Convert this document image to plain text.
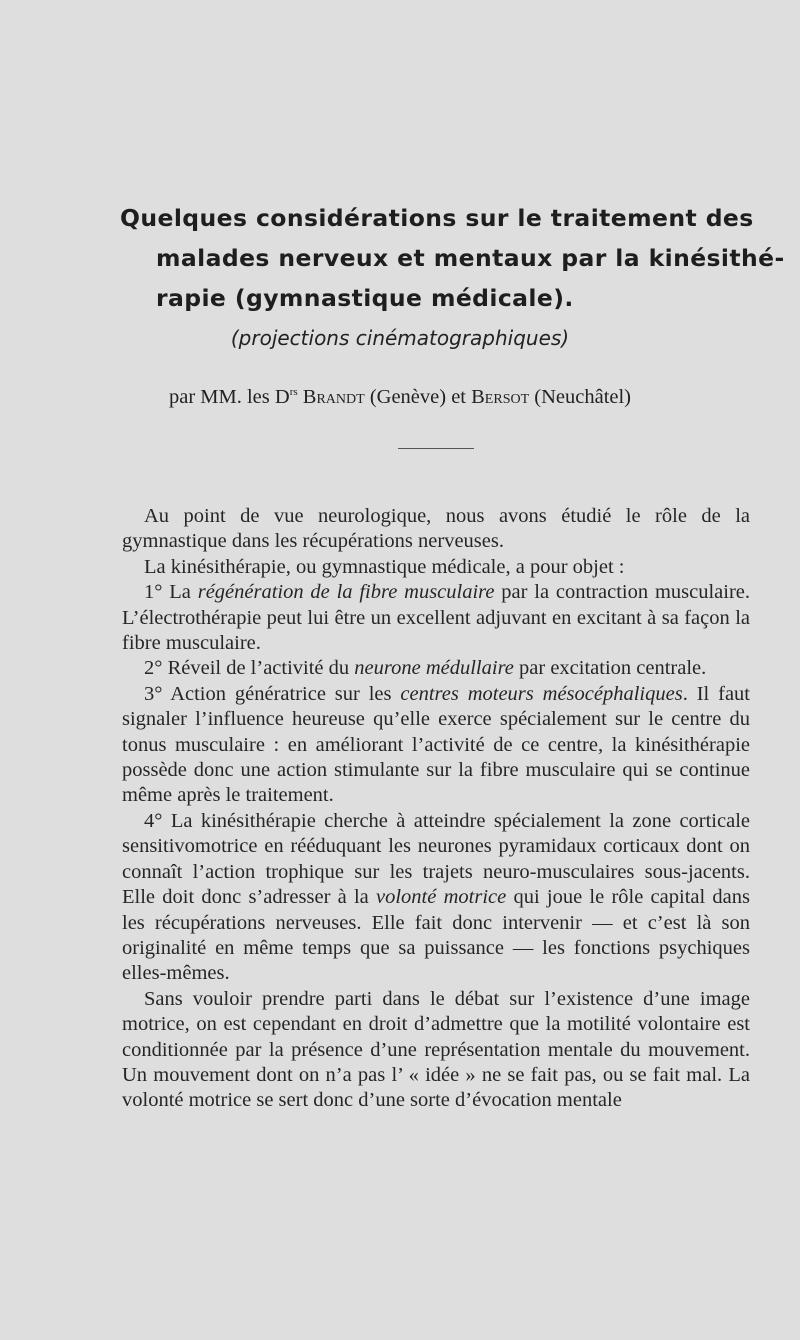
Quelques considérations sur le traitement des
malades nerveux et mentaux par la kinésithé-
rapie (gymnastique médicale).
(projections cinématographiques)
par MM. les $D^{rs}$ Brandt (Genève) et Bersot (Neuchâtel)

Au point de vue neurologique, nous avons étudié le rôle de la gymnastique dans les récupérations nerveuses.

La kinésithérapie, ou gymnastique médicale, a pour objet :

1° La régénération de la fibre musculaire par la contraction musculaire. L’électrothérapie peut lui être un excellent adjuvant en excitant à sa façon la fibre musculaire.

2° Réveil de l’activité du neurone médullaire par excitation centrale.

3° Action génératrice sur les centres moteurs mésocéphaliques. Il faut signaler l’influence heureuse qu’elle exerce spécialement sur le centre du tonus musculaire : en améliorant l’activité de ce centre, la kinésithérapie possède donc une action stimulante sur la fibre musculaire qui se continue même après le traitement.

4° La kinésithérapie cherche à atteindre spécialement la zone corticale sensitivomotrice en rééduquant les neurones pyramidaux corticaux dont on connaît l’action trophique sur les trajets neuro-musculaires sous-jacents. Elle doit donc s’adresser à la volonté motrice qui joue le rôle capital dans les récupérations nerveuses. Elle fait donc intervenir — et c’est là son originalité en même temps que sa puissance — les fonctions psychiques elles-mêmes.

Sans vouloir prendre parti dans le débat sur l’existence d’une image motrice, on est cependant en droit d’admettre que la motilité volontaire est conditionnée par la présence d’une représentation mentale du mouvement. Un mouvement dont on n’a pas l’ « idée » ne se fait pas, ou se fait mal. La volonté motrice se sert donc d’une sorte d’évocation mentale
